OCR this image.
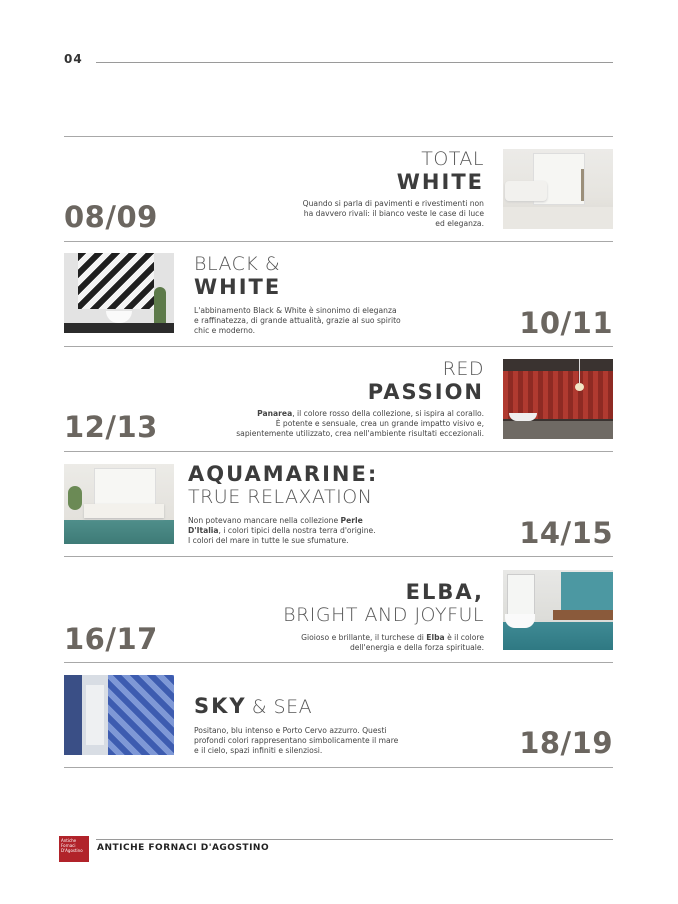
04
TOTAL
WHITE
Quando si parla di pavimenti e rivestimenti non
ha davvero rivali: il bianco veste le case di luce
ed eleganza.
08/09
BLACK &
WHITE
L'abbinamento Black & White è sinonimo di eleganza
e raffinatezza, di grande attualità, grazie al suo spirito
chic e moderno.	10/11
RED
PASSION
Panarea, il colore rosso della collezione, si ispira al corallo.
È potente e sensuale, crea un grande impatto visivo e,
sapientemente utilizzato, crea nell'ambiente risultati eccezionali.
12/13
AQUAMARINE:
TRUE RELAXATION
Non potevano mancare nella collezione Perle
D'Italia, i colori tipici della nostra terra d'origine.
I colori del mare in tutte le sue sfumature.	14/15
ELBA,
BRIGHT AND JOYFUL
Gioioso e brillante, il turchese di Elba è il colore
dell'energia e della forza spirituale.
16/17
SKY & SEA
Positano, blu intenso e Porto Cervo azzurro. Questi
profondi colori rappresentano simbolicamente il mare
e il cielo, spazi infiniti e silenziosi.	18/19
Antiche
Fornaci
D'Agostino	ANTICHE FORNACI D'AGOSTINO
